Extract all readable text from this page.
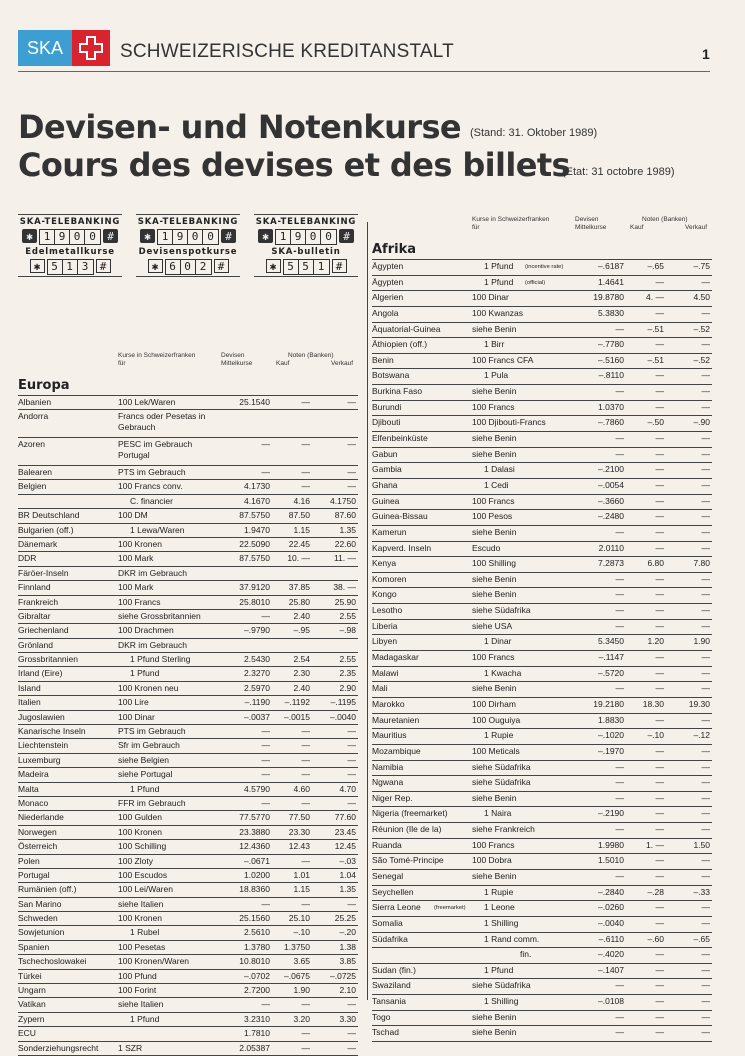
SKA	SCHWEIZERISCHE KREDITANSTALT	1
Devisen- und Notenkurse (Stand: 31. Oktober 1989)
Cours des devises et des billets
(Etat: 31 octobre 1989)
SKA-TELEBANKING
✱ 1 9 0 0	#
Edelmetallkurse
✱ 5 1 3	#
SKA-TELEBANKING
✱ 1 9 0 0	#
Devisenspotkurse
✱ 6 0 2	#
SKA-TELEBANKING
✱ 1 9 0 0	#
SKA-bulletin
✱ 5 5 1	#
Kurse in Schweizerfranken für
Devisen Mittelkurse
Noten (Banken)
Kauf	Verkauf
Europa
Albanien	100 Lek/Waren	25.1540	—	—
Andorra	Francs oder Pesetas in Gebrauch
Azoren	PESC im Gebrauch Portugal
—	—	—
Balearen	PTS im Gebrauch	—	—	—
Belgien	100 Francs conv.	4.1730	—	—
C. financier	4.1670	4.16 4.1750
BR Deutschland	100 DM	87.5750 87.50	87.60
Bulgarien (off.)	1 Lewa/Waren	1.9470	1.15	1.35
Dänemark	100 Kronen	22.5090 22.45	22.60
DDR	100 Mark	87.5750 10. —	11. —
Färöer-Inseln	DKR im Gebrauch
Finnland	100 Mark	37.9120 37.85	38. —
Frankreich	100 Francs	25.8010 25.80	25.90
Gibraltar	siehe Grossbritannien	—	2.40	2.55
Griechenland	100 Drachmen	–.9790	–.95	–.98
Grönland	DKR im Gebrauch
Grossbritannien	1 Pfund Sterling	2.5430	2.54	2.55
Irland (Eire)	1 Pfund	2.3270	2.30	2.35
Island	100 Kronen neu	2.5970	2.40	2.90
Italien	100 Lire	–.1190 –.1192 –.1195
Jugoslawien	100 Dinar	–.0037 –.0015 –.0040
Kanarische Inseln	PTS im Gebrauch	—	—	—
Liechtenstein	Sfr im Gebrauch	—	—	—
Luxemburg	siehe Belgien	—	—	—
Madeira	siehe Portugal	—	—	—
Malta	1 Pfund	4.5790	4.60	4.70
Monaco	FFR im Gebrauch	—	—	—
Niederlande	100 Gulden	77.5770 77.50	77.60
Norwegen	100 Kronen	23.3880 23.30	23.45
Österreich	100 Schilling	12.4360 12.43	12.45
Polen	100 Zloty	–.0671	—	–.03
Portugal	100 Escudos	1.0200	1.01	1.04
Rumänien (off.)	100 Lei/Waren	18.8360	1.15	1.35
San Marino	siehe Italien	—	—	—
Schweden	100 Kronen	25.1560 25.10	25.25
Sowjetunion	1 Rubel	2.5610	–.10	–.20
Spanien	100 Pesetas	1.3780 1.3750	1.38
Tschechoslowakei	100 Kronen/Waren	10.8010	3.65	3.85
Türkei	100 Pfund	–.0702 –.0675 –.0725
Ungarn	100 Forint	2.7200	1.90	2.10
Vatikan	siehe Italien	—	—	—
Zypern	1 Pfund	3.2310	3.20	3.30
ECU	1.7810	—	—
Sonderziehungsrecht 1 SZR	2.05387	—	—
Kurse in Schweizerfranken für
Devisen Mittelkurse
Noten (Banken)
Kauf	Verkauf
Afrika
Ägypten	1 Pfund (incentive rate)	–.6187	–.65	–.75
Ägypten	1 Pfund (official)	1.4641	—	—
Algerien	100 Dinar	19.8780	4. —	4.50
Angola	100 Kwanzas	5.3830	—	—
Äquatorial-Guinea	siehe Benin	—	–.51	–.52
Äthiopien (off.)	1 Birr	–.7780	—	—
Benin	100 Francs CFA	–.5160	–.51	–.52
Botswana	1 Pula	–.8110	—	—
Burkina Faso	siehe Benin	—	—	—
Burundi	100 Francs	1.0370	—	—
Djibouti	100 Djibouti-Francs	–.7860	–.50	–.90
Elfenbeinküste	siehe Benin	—	—	—
Gabun	siehe Benin	—	—	—
Gambia	1 Dalasi	–.2100	—	—
Ghana	1 Cedi	–.0054	—	—
Guinea	100 Francs	–.3660	—	—
Guinea-Bissau	100 Pesos	–.2480	—	—
Kamerun	siehe Benin	—	—	—
Kapverd. Inseln	Escudo	2.0110	—	—
Kenya	100 Shilling	7.2873	6.80	7.80
Komoren	siehe Benin	—	—	—
Kongo	siehe Benin	—	—	—
Lesotho	siehe Südafrika	—	—	—
Liberia	siehe USA	—	—	—
Libyen	1 Dinar	5.3450	1.20	1.90
Madagaskar	100 Francs	–.1147	—	—
Malawi	1 Kwacha	–.5720	—	—
Mali	siehe Benin	—	—	—
Marokko	100 Dirham	19.2180 18.30	19.30
Mauretanien	100 Ouguiya	1.8830	—	—
Mauritius	1 Rupie	–.1020	–.10	–.12
Mozambique	100 Meticals	–.1970	—	—
Namibia	siehe Südafrika	—	—	—
Ngwana	siehe Südafrika	—	—	—
Niger Rep.	siehe Benin	—	—	—
Nigeria (freemarket)	1 Naira	–.2190	—	—
Réunion (Ile de la)	siehe Frankreich	—	—	—
Ruanda	100 Francs	1.9980	1. —	1.50
São Tomé-Principe	100 Dobra	1.5010	—	—
Senegal	siehe Benin	—	—	—
Seychellen	1 Rupie	–.2840	–.28	–.33
Sierra Leone (freemarket) 1 Leone	–.0260	—	—
Somalia	1 Shilling	–.0040	—	—
Südafrika	1 Rand comm.	–.6110	–.60	–.65
fin.	–.4020	—	—
Sudan (fin.)	1 Pfund	–.1407	—	—
Swaziland	siehe Südafrika	—	—	—
Tansania	1 Shilling	–.0108	—	—
Togo	siehe Benin	—	—	—
Tschad	siehe Benin	—	—	—
